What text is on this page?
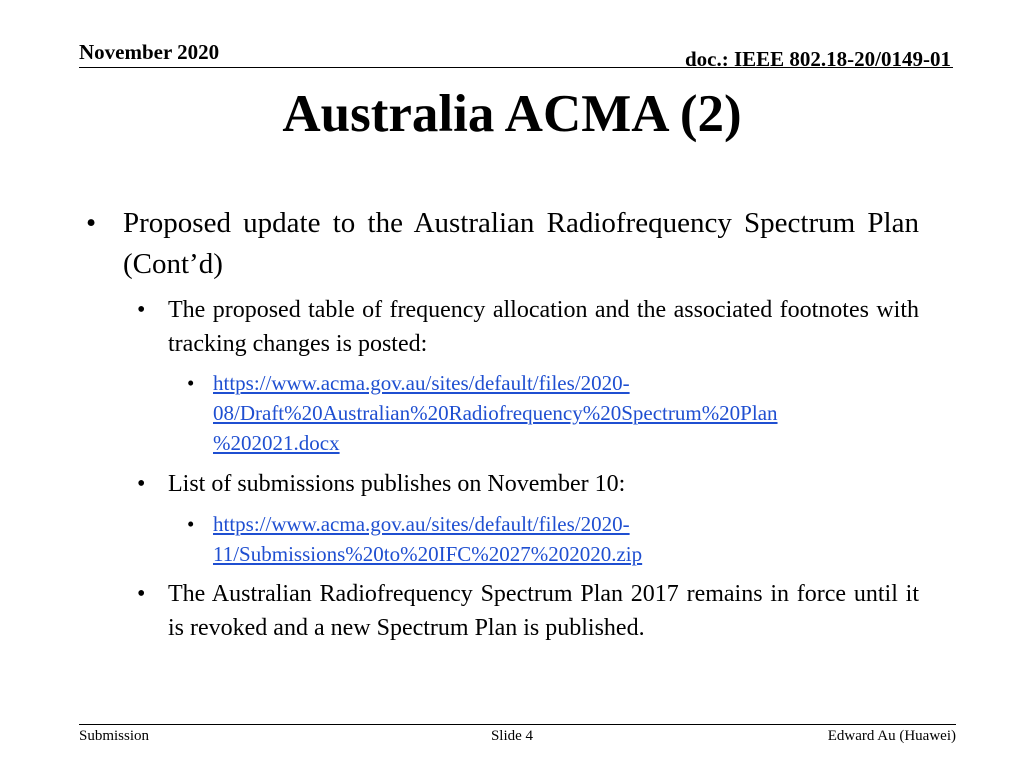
November 2020	doc.: IEEE 802.18-20/0149-01
Australia ACMA (2)
• Proposed update to the Australian Radiofrequency Spectrum Plan (Cont’d)
• The proposed table of frequency allocation and the associated footnotes with tracking changes is posted:
• https://www.acma.gov.au/sites/default/files/2020-
08/Draft%20Australian%20Radiofrequency%20Spectrum%20Plan
%202021.docx
• List of submissions publishes on November 10:
• https://www.acma.gov.au/sites/default/files/2020-
11/Submissions%20to%20IFC%2027%202020.zip
• The Australian Radiofrequency Spectrum Plan 2017 remains in force until it is revoked and a new Spectrum Plan is published.
Submission	Slide 4	Edward Au (Huawei)
